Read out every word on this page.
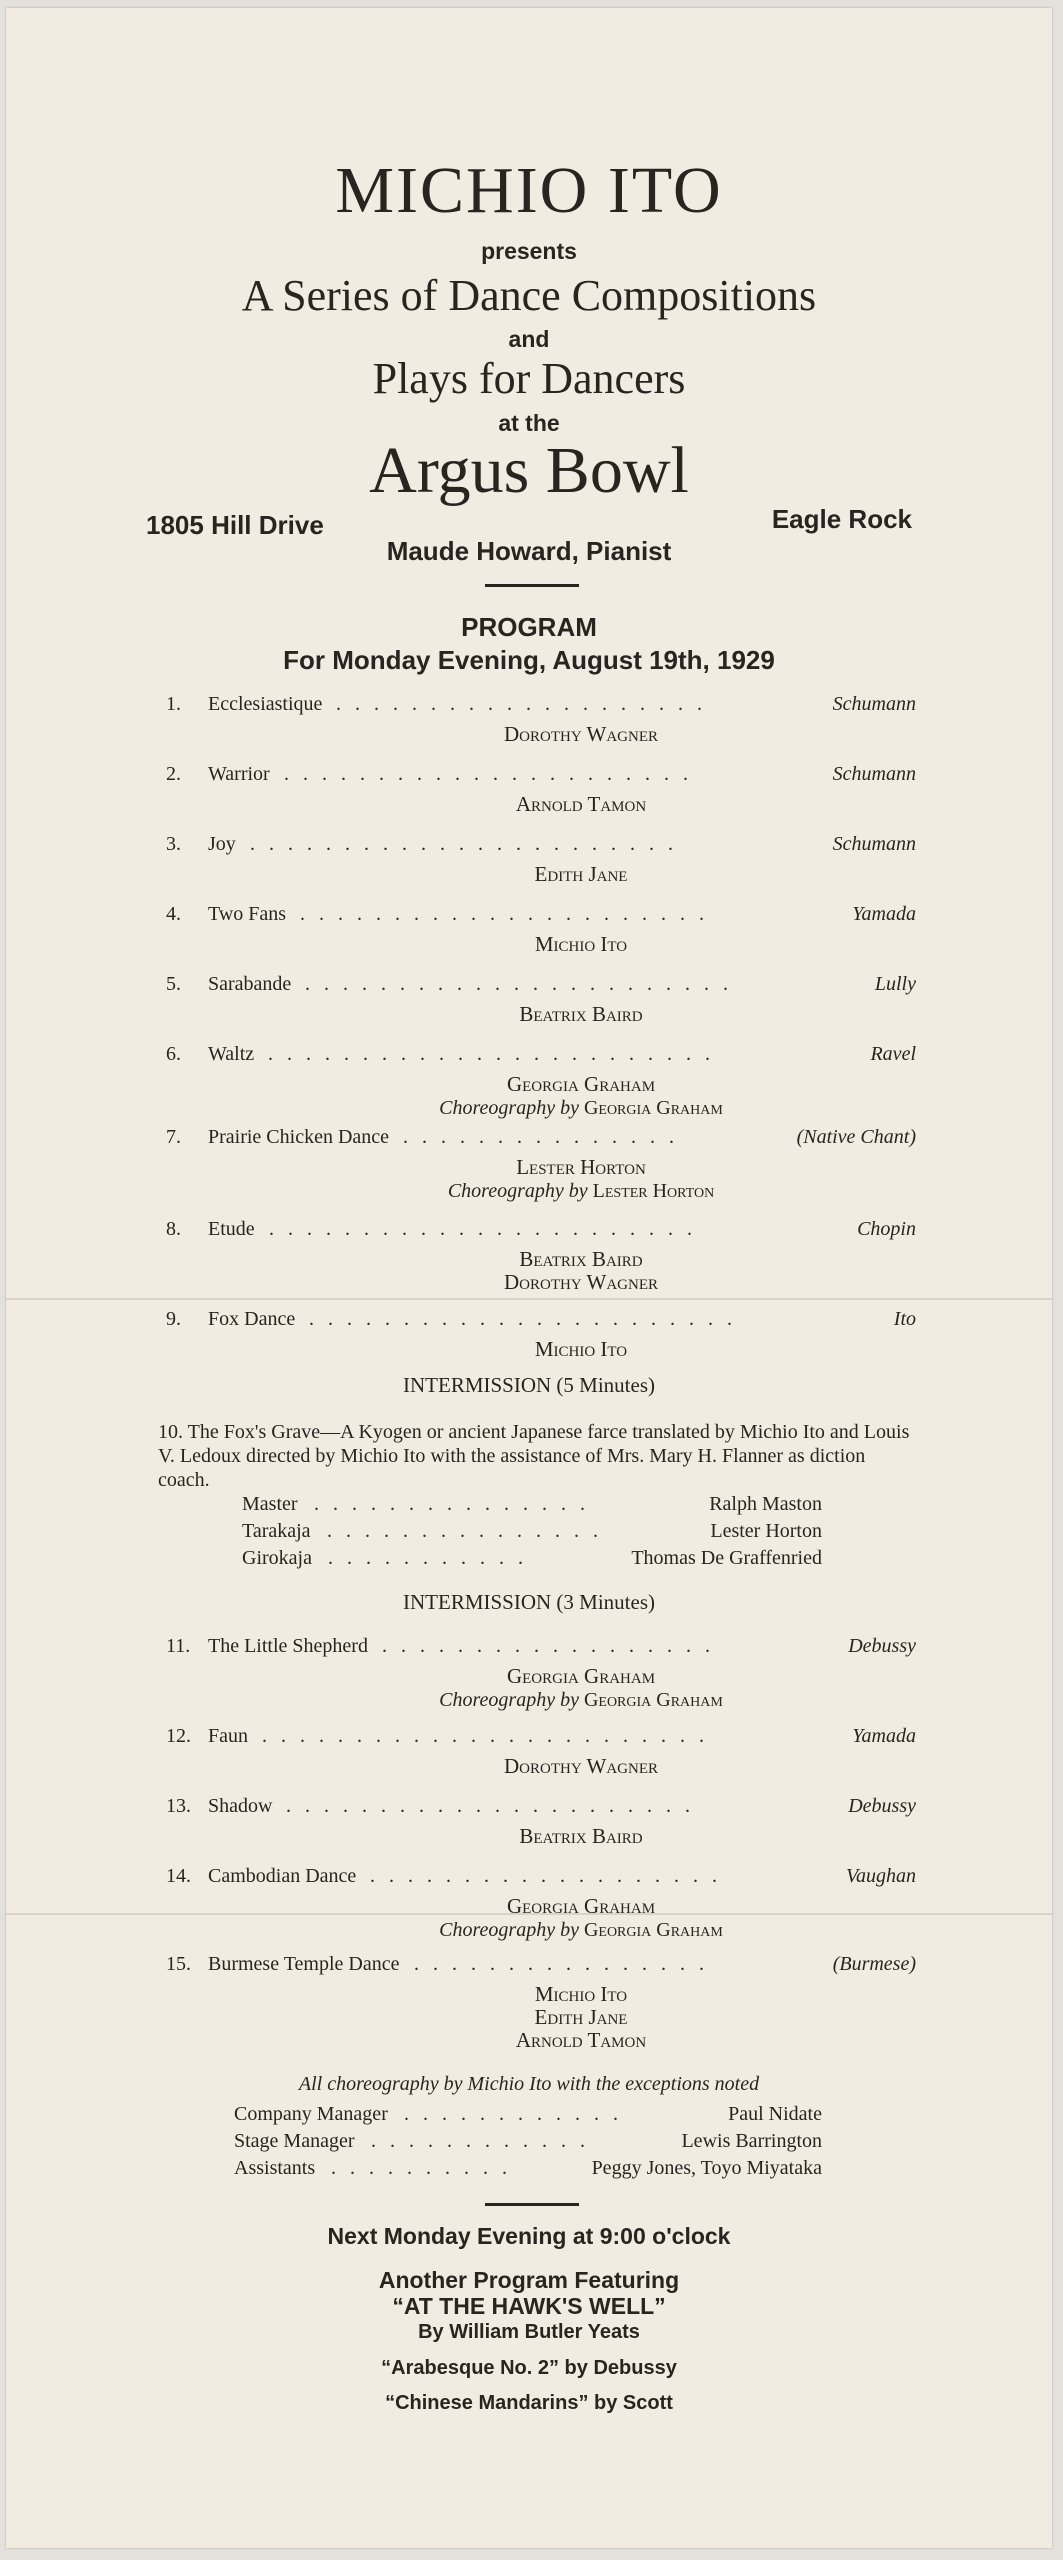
MICHIO ITO
presents
A Series of Dance Compositions
and
Plays for Dancers
at the
Argus Bowl
1805 Hill Drive	Eagle Rock
Maude Howard, Pianist
PROGRAM
For Monday Evening, August 19th, 1929
1. Ecclesiastique ....................	Schumann
Dorothy Wagner
2. Warrior ......................	Schumann
Arnold Tamon
3. Joy .......................	Schumann
Edith Jane
4. Two Fans ......................	Yamada
Michio Ito
5. Sarabande .......................	Lully
Beatrix Baird
6. Waltz ........................	Ravel
Georgia Graham
Choreography by Georgia Graham
7. Prairie Chicken Dance ...............	(Native Chant)
Lester Horton
Choreography by Lester Horton
8. Etude .......................	Chopin
Beatrix Baird
Dorothy Wagner
9. Fox Dance .......................	Ito
Michio Ito
INTERMISSION (5 Minutes)
10. The Fox's Grave—A Kyogen or ancient Japanese farce translated by Michio Ito and Louis V. Ledoux directed by Michio Ito with the assistance of Mrs. Mary H. Flanner as diction coach.
Master ...............	Ralph Maston
Tarakaja ...............	Lester Horton
Girokaja ...........	Thomas De Graffenried
INTERMISSION (3 Minutes)
11. The Little Shepherd ..................	Debussy
Georgia Graham
Choreography by Georgia Graham
12. Faun ........................	Yamada
Dorothy Wagner
13. Shadow ......................	Debussy
Beatrix Baird
14. Cambodian Dance ...................	Vaughan
Georgia Graham
Choreography by Georgia Graham
15. Burmese Temple Dance ................	(Burmese)
Michio Ito
Edith Jane
Arnold Tamon
All choreography by Michio Ito with the exceptions noted
Company Manager ............	Paul Nidate
Stage Manager ............	Lewis Barrington
Assistants ..........	Peggy Jones, Toyo Miyataka
Next Monday Evening at 9:00 o'clock
Another Program Featuring
“AT THE HAWK'S WELL”
By William Butler Yeats
“Arabesque No. 2” by Debussy
“Chinese Mandarins” by Scott
